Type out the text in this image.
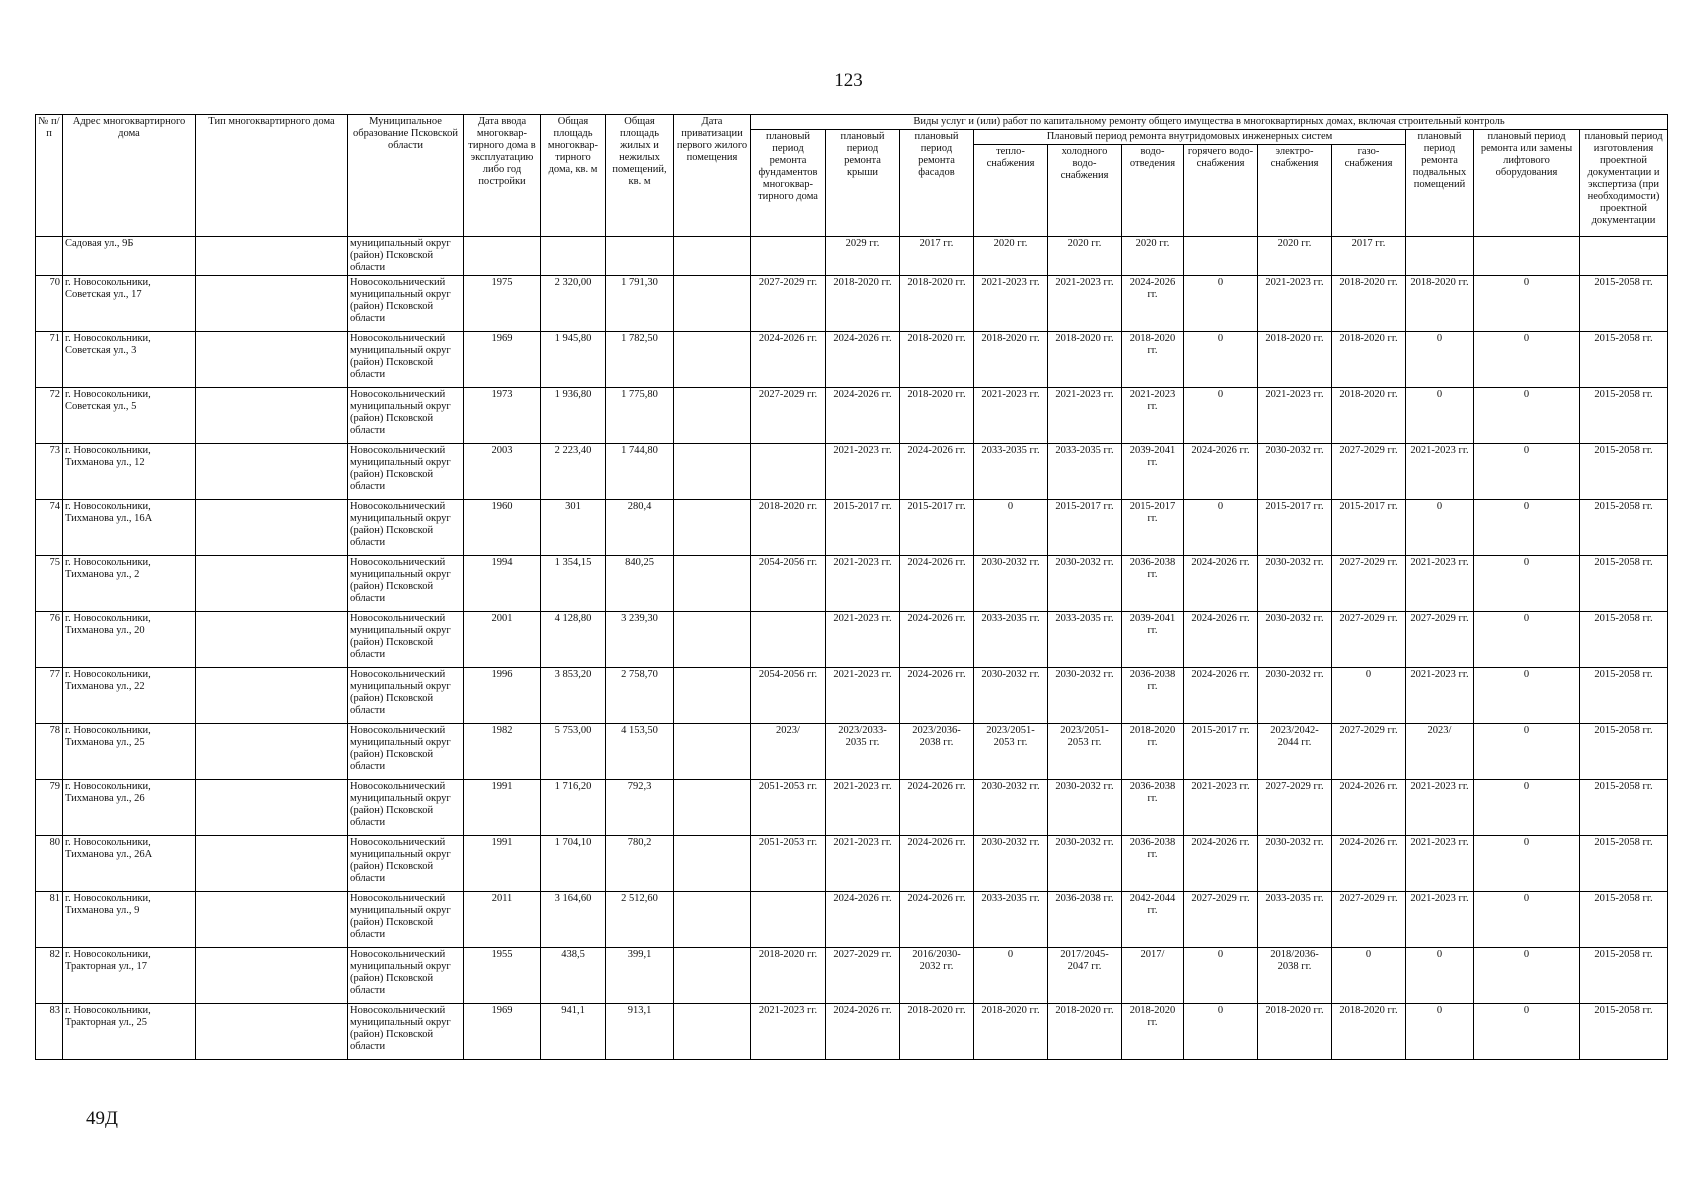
123
№ п/п	Адрес многоквартирного дома	Тип многоквартирного дома	Муниципальное образование Псковской области	Дата ввода многоквар-тирного дома в эксплуатацию либо год постройки	Общая площадь многоквар-тирного дома, кв. м	Общая площадь жилых и нежилых помещений, кв. м	Дата приватизации первого жилого помещения	Виды услуг и (или) работ по капитальному ремонту общего имущества в многоквартирных домах, включая строительный контроль											
								плановый период ремонта фундаментов многоквар-тирного дома	плановый период ремонта крыши	плановый период ремонта фасадов	Плановый период ремонта внутридомовых инженерных систем						плановый период ремонта подвальных помещений	плановый период ремонта или замены лифтового оборудования	плановый период изготовления проектной документации и экспертиза (при необходимости) проектной документации
											тепло-снабжения	холодного водо-снабжения	водо-отведения	горячего водо-снабжения	электро-снабжения	газо-снабжения			
	Садовая ул., 9Б		муниципальный округ (район) Псковской области						2029 гг.	2017 гг.	2020 гг.	2020 гг.	2020 гг.		2020 гг.	2017 гг.			
70	г. Новосокольники, Советская ул., 17		Новосокольнический муниципальный округ (район) Псковской области	1975	2 320,00	1 791,30		2027-2029 гг.	2018-2020 гг.	2018-2020 гг.	2021-2023 гг.	2021-2023 гг.	2024-2026 гг.	0	2021-2023 гг.	2018-2020 гг.	2018-2020 гг.	0	2015-2058 гг.
71	г. Новосокольники, Советская ул., 3		Новосокольнический муниципальный округ (район) Псковской области	1969	1 945,80	1 782,50		2024-2026 гг.	2024-2026 гг.	2018-2020 гг.	2018-2020 гг.	2018-2020 гг.	2018-2020 гг.	0	2018-2020 гг.	2018-2020 гг.	0	0	2015-2058 гг.
72	г. Новосокольники, Советская ул., 5		Новосокольнический муниципальный округ (район) Псковской области	1973	1 936,80	1 775,80		2027-2029 гг.	2024-2026 гг.	2018-2020 гг.	2021-2023 гг.	2021-2023 гг.	2021-2023 гг.	0	2021-2023 гг.	2018-2020 гг.	0	0	2015-2058 гг.
73	г. Новосокольники, Тихманова ул., 12		Новосокольнический муниципальный округ (район) Псковской области	2003	2 223,40	1 744,80			2021-2023 гг.	2024-2026 гг.	2033-2035 гг.	2033-2035 гг.	2039-2041 гг.	2024-2026 гг.	2030-2032 гг.	2027-2029 гг.	2021-2023 гг.	0	2015-2058 гг.
74	г. Новосокольники, Тихманова ул., 16А		Новосокольнический муниципальный округ (район) Псковской области	1960	301	280,4		2018-2020 гг.	2015-2017 гг.	2015-2017 гг.	0	2015-2017 гг.	2015-2017 гг.	0	2015-2017 гг.	2015-2017 гг.	0	0	2015-2058 гг.
75	г. Новосокольники, Тихманова ул., 2		Новосокольнический муниципальный округ (район) Псковской области	1994	1 354,15	840,25		2054-2056 гг.	2021-2023 гг.	2024-2026 гг.	2030-2032 гг.	2030-2032 гг.	2036-2038 гг.	2024-2026 гг.	2030-2032 гг.	2027-2029 гг.	2021-2023 гг.	0	2015-2058 гг.
76	г. Новосокольники, Тихманова ул., 20		Новосокольнический муниципальный округ (район) Псковской области	2001	4 128,80	3 239,30			2021-2023 гг.	2024-2026 гг.	2033-2035 гг.	2033-2035 гг.	2039-2041 гг.	2024-2026 гг.	2030-2032 гг.	2027-2029 гг.	2027-2029 гг.	0	2015-2058 гг.
77	г. Новосокольники, Тихманова ул., 22		Новосокольнический муниципальный округ (район) Псковской области	1996	3 853,20	2 758,70		2054-2056 гг.	2021-2023 гг.	2024-2026 гг.	2030-2032 гг.	2030-2032 гг.	2036-2038 гг.	2024-2026 гг.	2030-2032 гг.	0	2021-2023 гг.	0	2015-2058 гг.
78	г. Новосокольники, Тихманова ул., 25		Новосокольнический муниципальный округ (район) Псковской области	1982	5 753,00	4 153,50		2023/	2023/2033-2035 гг.	2023/2036-2038 гг.	2023/2051-2053 гг.	2023/2051-2053 гг.	2018-2020 гг.	2015-2017 гг.	2023/2042-2044 гг.	2027-2029 гг.	2023/	0	2015-2058 гг.
79	г. Новосокольники, Тихманова ул., 26		Новосокольнический муниципальный округ (район) Псковской области	1991	1 716,20	792,3		2051-2053 гг.	2021-2023 гг.	2024-2026 гг.	2030-2032 гг.	2030-2032 гг.	2036-2038 гг.	2021-2023 гг.	2027-2029 гг.	2024-2026 гг.	2021-2023 гг.	0	2015-2058 гг.
80	г. Новосокольники, Тихманова ул., 26А		Новосокольнический муниципальный округ (район) Псковской области	1991	1 704,10	780,2		2051-2053 гг.	2021-2023 гг.	2024-2026 гг.	2030-2032 гг.	2030-2032 гг.	2036-2038 гг.	2024-2026 гг.	2030-2032 гг.	2024-2026 гг.	2021-2023 гг.	0	2015-2058 гг.
81	г. Новосокольники, Тихманова ул., 9		Новосокольнический муниципальный округ (район) Псковской области	2011	3 164,60	2 512,60			2024-2026 гг.	2024-2026 гг.	2033-2035 гг.	2036-2038 гг.	2042-2044 гг.	2027-2029 гг.	2033-2035 гг.	2027-2029 гг.	2021-2023 гг.	0	2015-2058 гг.
82	г. Новосокольники, Тракторная ул., 17		Новосокольнический муниципальный округ (район) Псковской области	1955	438,5	399,1		2018-2020 гг.	2027-2029 гг.	2016/2030-2032 гг.	0	2017/2045-2047 гг.	2017/	0	2018/2036-2038 гг.	0	0	0	2015-2058 гг.
83	г. Новосокольники, Тракторная ул., 25		Новосокольнический муниципальный округ (район) Псковской области	1969	941,1	913,1		2021-2023 гг.	2024-2026 гг.	2018-2020 гг.	2018-2020 гг.	2018-2020 гг.	2018-2020 гг.	0	2018-2020 гг.	2018-2020 гг.	0	0	2015-2058 гг.
49Д
